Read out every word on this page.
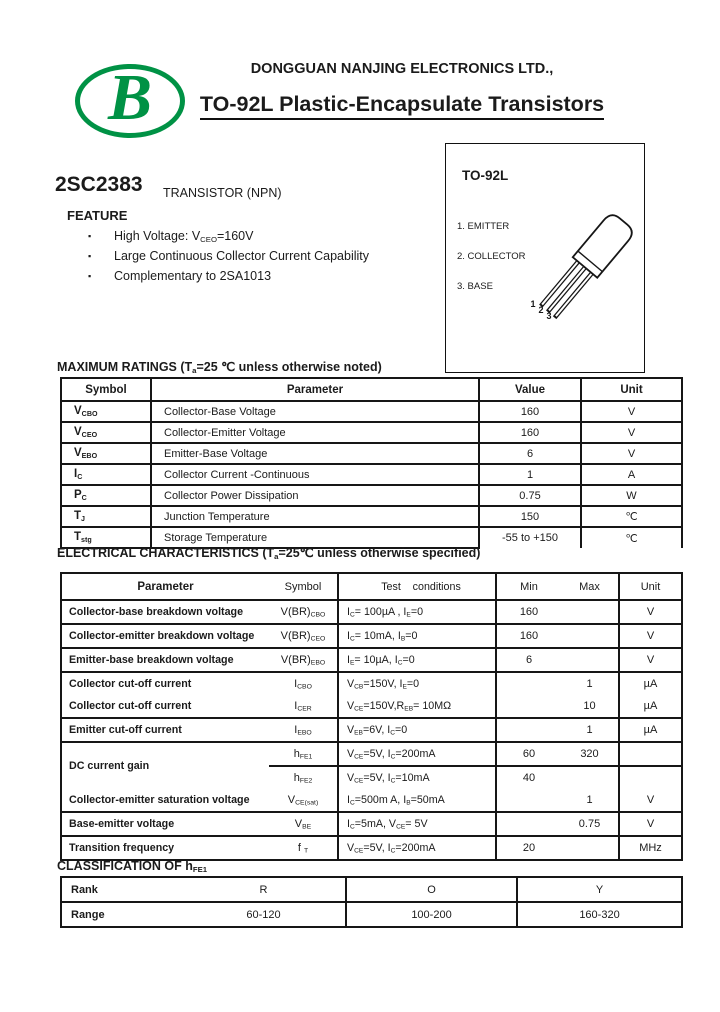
B	DONGGUAN NANJING ELECTRONICS LTD.,
TO-92L Plastic-Encapsulate Transistors
2SC2383 TRANSISTOR (NPN)
FEATURE
▪ High Voltage: $V_{CEO}=160V$
▪ Large Continuous Collector Current Capability
▪ Complementary to 2SA1013
TO-92L
1. EMITTER
2. COLLECTOR
3. BASE
1
2
3
MAXIMUM RATINGS ($T_a=25$ ℃ unless otherwise noted)
Symbol	Parameter	Value	Unit
$V_{CBO}$	Collector-Base Voltage	160	V
$V_{CEO}$	Collector-Emitter Voltage	160	V
$V_{EBO}$	Emitter-Base Voltage	6	V
$I_C$	Collector Current -Continuous	1	A
$P_C$	Collector Power Dissipation	0.75	W
$T_J$	Junction Temperature	150	℃
$T_{stg}$	Storage Temperature	-55 to +150	℃
ELECTRICAL CHARACTERISTICS ($T_a=25℃$ unless otherwise specified)
Parameter	Symbol	Test    conditions	Min	Max	Unit
Collector-base breakdown voltage	$V(BR)_{CBO}$	$I_C= 100\mu A$ , $I_E=0$	160		V
Collector-emitter breakdown voltage	$V(BR)_{CEO}$	$I_C= 10mA$, $I_B=0$	160		V
Emitter-base breakdown voltage	$V(BR)_{EBO}$	$I_E= 10\mu A$, $I_C=0$	6		V
Collector cut-off current	$I_{CBO}$	$V_{CB}=150V$, $I_E=0$		1	µA
Collector cut-off current	$I_{CER}$	$V_{CE}=150V,R_{EB}= 10M\Omega$		10	µA
Emitter cut-off current	$I_{EBO}$	$V_{EB}=6V$, $I_C=0$		1	µA
DC current gain	$h_{FE1}$	$V_{CE}=5V$, $I_C=200mA$	60	320	
	$h_{FE2}$	$V_{CE}=5V$, $I_C=10mA$	40		
Collector-emitter saturation voltage	$V_{CE(sat)}$	$I_C=500m$ A, $I_B=50mA$		1	V
Base-emitter voltage	$V_{BE}$	$I_C=5mA$, $V_{CE}= 5V$		0.75	V
Transition frequency	f $_T$	$V_{CE}=5V$, $I_C=200mA$	20		MHz
CLASSIFICATION OF $h_{FE1}$
Rank R	O	Y

Range 60-120	100-200	160-320
